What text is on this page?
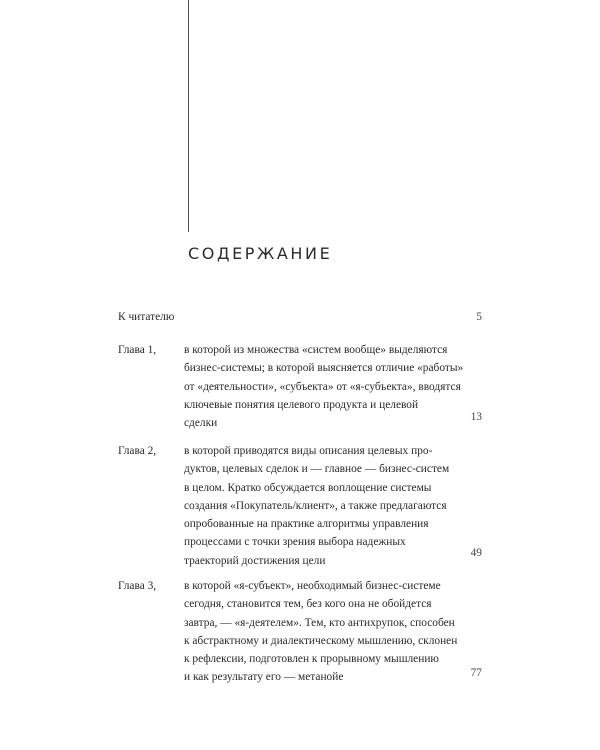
СОДЕРЖАНИЕ
К читателю	5
Глава 1, в которой из множества «систем вообще» выделяются
бизнес-системы; в которой выясняется отличие «работы»
от «деятельности», «субъекта» от «я-субъекта», вводятся
ключевые понятия целевого продукта и целевой
сделки
13
Глава 2, в которой приводятся виды описания целевых про-
дуктов, целевых сделок и — главное — бизнес-систем
в целом. Кратко обсуждается воплощение системы
создания «Покупатель/клиент», а также предлагаются
опробованные на практике алгоритмы управления
процессами с точки зрения выбора надежных
траекторий достижения цели
49
Глава 3, в которой «я-субъект», необходимый бизнес-системе
сегодня, становится тем, без кого она не обойдется
завтра, — «я-деятелем». Тем, кто антихрупок, способен
к абстрактному и диалектическому мышлению, склонен
к рефлексии, подготовлен к прорывному мышлению
и как результату его — метанойе	77
